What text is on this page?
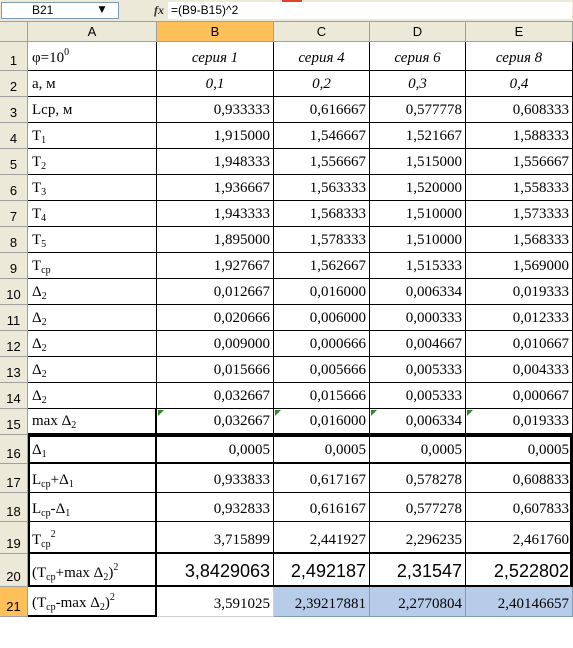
B21	▼	fx =(B9-B15)^2
A	B	C	D	E
1 $\varphi=10^0$	серия 1	серия 4	серия 6	серия 8
2 a, м	0,1	0,2	0,3	0,4
3 Lср, м	0,933333	0,616667	0,577778	0,608333
4 $T_1$	1,915000	1,546667	1,521667	1,588333
5 $T_2$	1,948333	1,556667	1,515000	1,556667
6 $T_3$	1,936667	1,563333	1,520000	1,558333
7 $T_4$	1,943333	1,568333	1,510000	1,573333
8 $T_5$	1,895000	1,578333	1,510000	1,568333
9 $T_{ср}$	1,927667	1,562667	1,515333	1,569000
10 $\Delta_2$	0,012667	0,016000	0,006334	0,019333
11 $\Delta_2$	0,020666	0,006000	0,000333	0,012333
12 $\Delta_2$	0,009000	0,000666	0,004667	0,010667
13 $\Delta_2$	0,015666	0,005666	0,005333	0,004333
14 $\Delta_2$	0,032667	0,015666	0,005333	0,000667
15 $\max \Delta_2$	0,032667	0,016000	0,006334	0,019333
16 $\Delta_1$	0,0005	0,0005	0,0005	0,0005
17 $L_{ср}+\Delta_1$	0,933833	0,617167	0,578278	0,608833
18 $L_{ср}-\Delta_1$	0,932833	0,616167	0,577278	0,607833
19 $T_{ср}^2$	3,715899	2,441927	2,296235	2,461760
20 ($T_{ср}+\max$ $\Delta_2)^2$	3,8429063 2,492187 2,31547 2,522802
21 ($T_{ср}-\max$ $\Delta_2)^2$	3,591025 2,39217881 2,2770804 2,40146657
